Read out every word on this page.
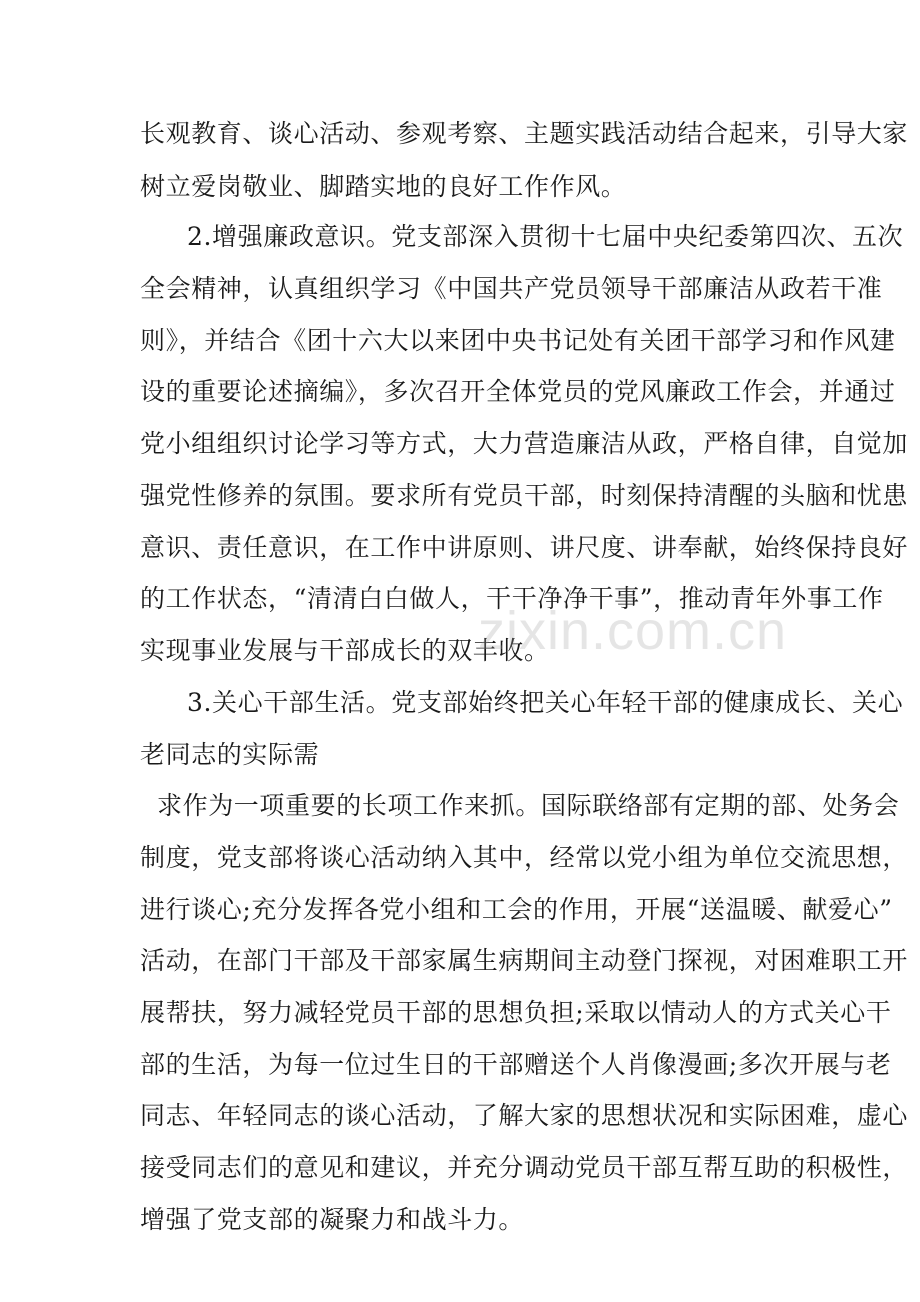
长观教育、谈心活动、参观考察、主题实践活动结合起来，引导大家
树立爱岗敬业、脚踏实地的良好工作作风。
2.增强廉政意识。党支部深入贯彻十七届中央纪委第四次、五次
全会精神，认真组织学习《中国共产党员领导干部廉洁从政若干准
则》，并结合《团十六大以来团中央书记处有关团干部学习和作风建
设的重要论述摘编》，多次召开全体党员的党风廉政工作会，并通过
党小组组织讨论学习等方式，大力营造廉洁从政，严格自律，自觉加
强党性修养的氛围。要求所有党员干部，时刻保持清醒的头脑和忧患
意识、责任意识，在工作中讲原则、讲尺度、讲奉献，始终保持良好
的工作状态，“清清白白做人，干干净净干事”，推动青年外事工作
实现事业发展与干部成长的双丰收。
3.关心干部生活。党支部始终把关心年轻干部的健康成长、关心
老同志的实际需
求作为一项重要的长项工作来抓。国际联络部有定期的部、处务会
制度，党支部将谈心活动纳入其中，经常以党小组为单位交流思想，
进行谈心;充分发挥各党小组和工会的作用，开展“送温暖、献爱心”
活动，在部门干部及干部家属生病期间主动登门探视，对困难职工开
展帮扶，努力减轻党员干部的思想负担;采取以情动人的方式关心干
部的生活，为每一位过生日的干部赠送个人肖像漫画;多次开展与老
同志、年轻同志的谈心活动，了解大家的思想状况和实际困难，虚心
接受同志们的意见和建议，并充分调动党员干部互帮互助的积极性，
增强了党支部的凝聚力和战斗力。
zixin.com.cn
